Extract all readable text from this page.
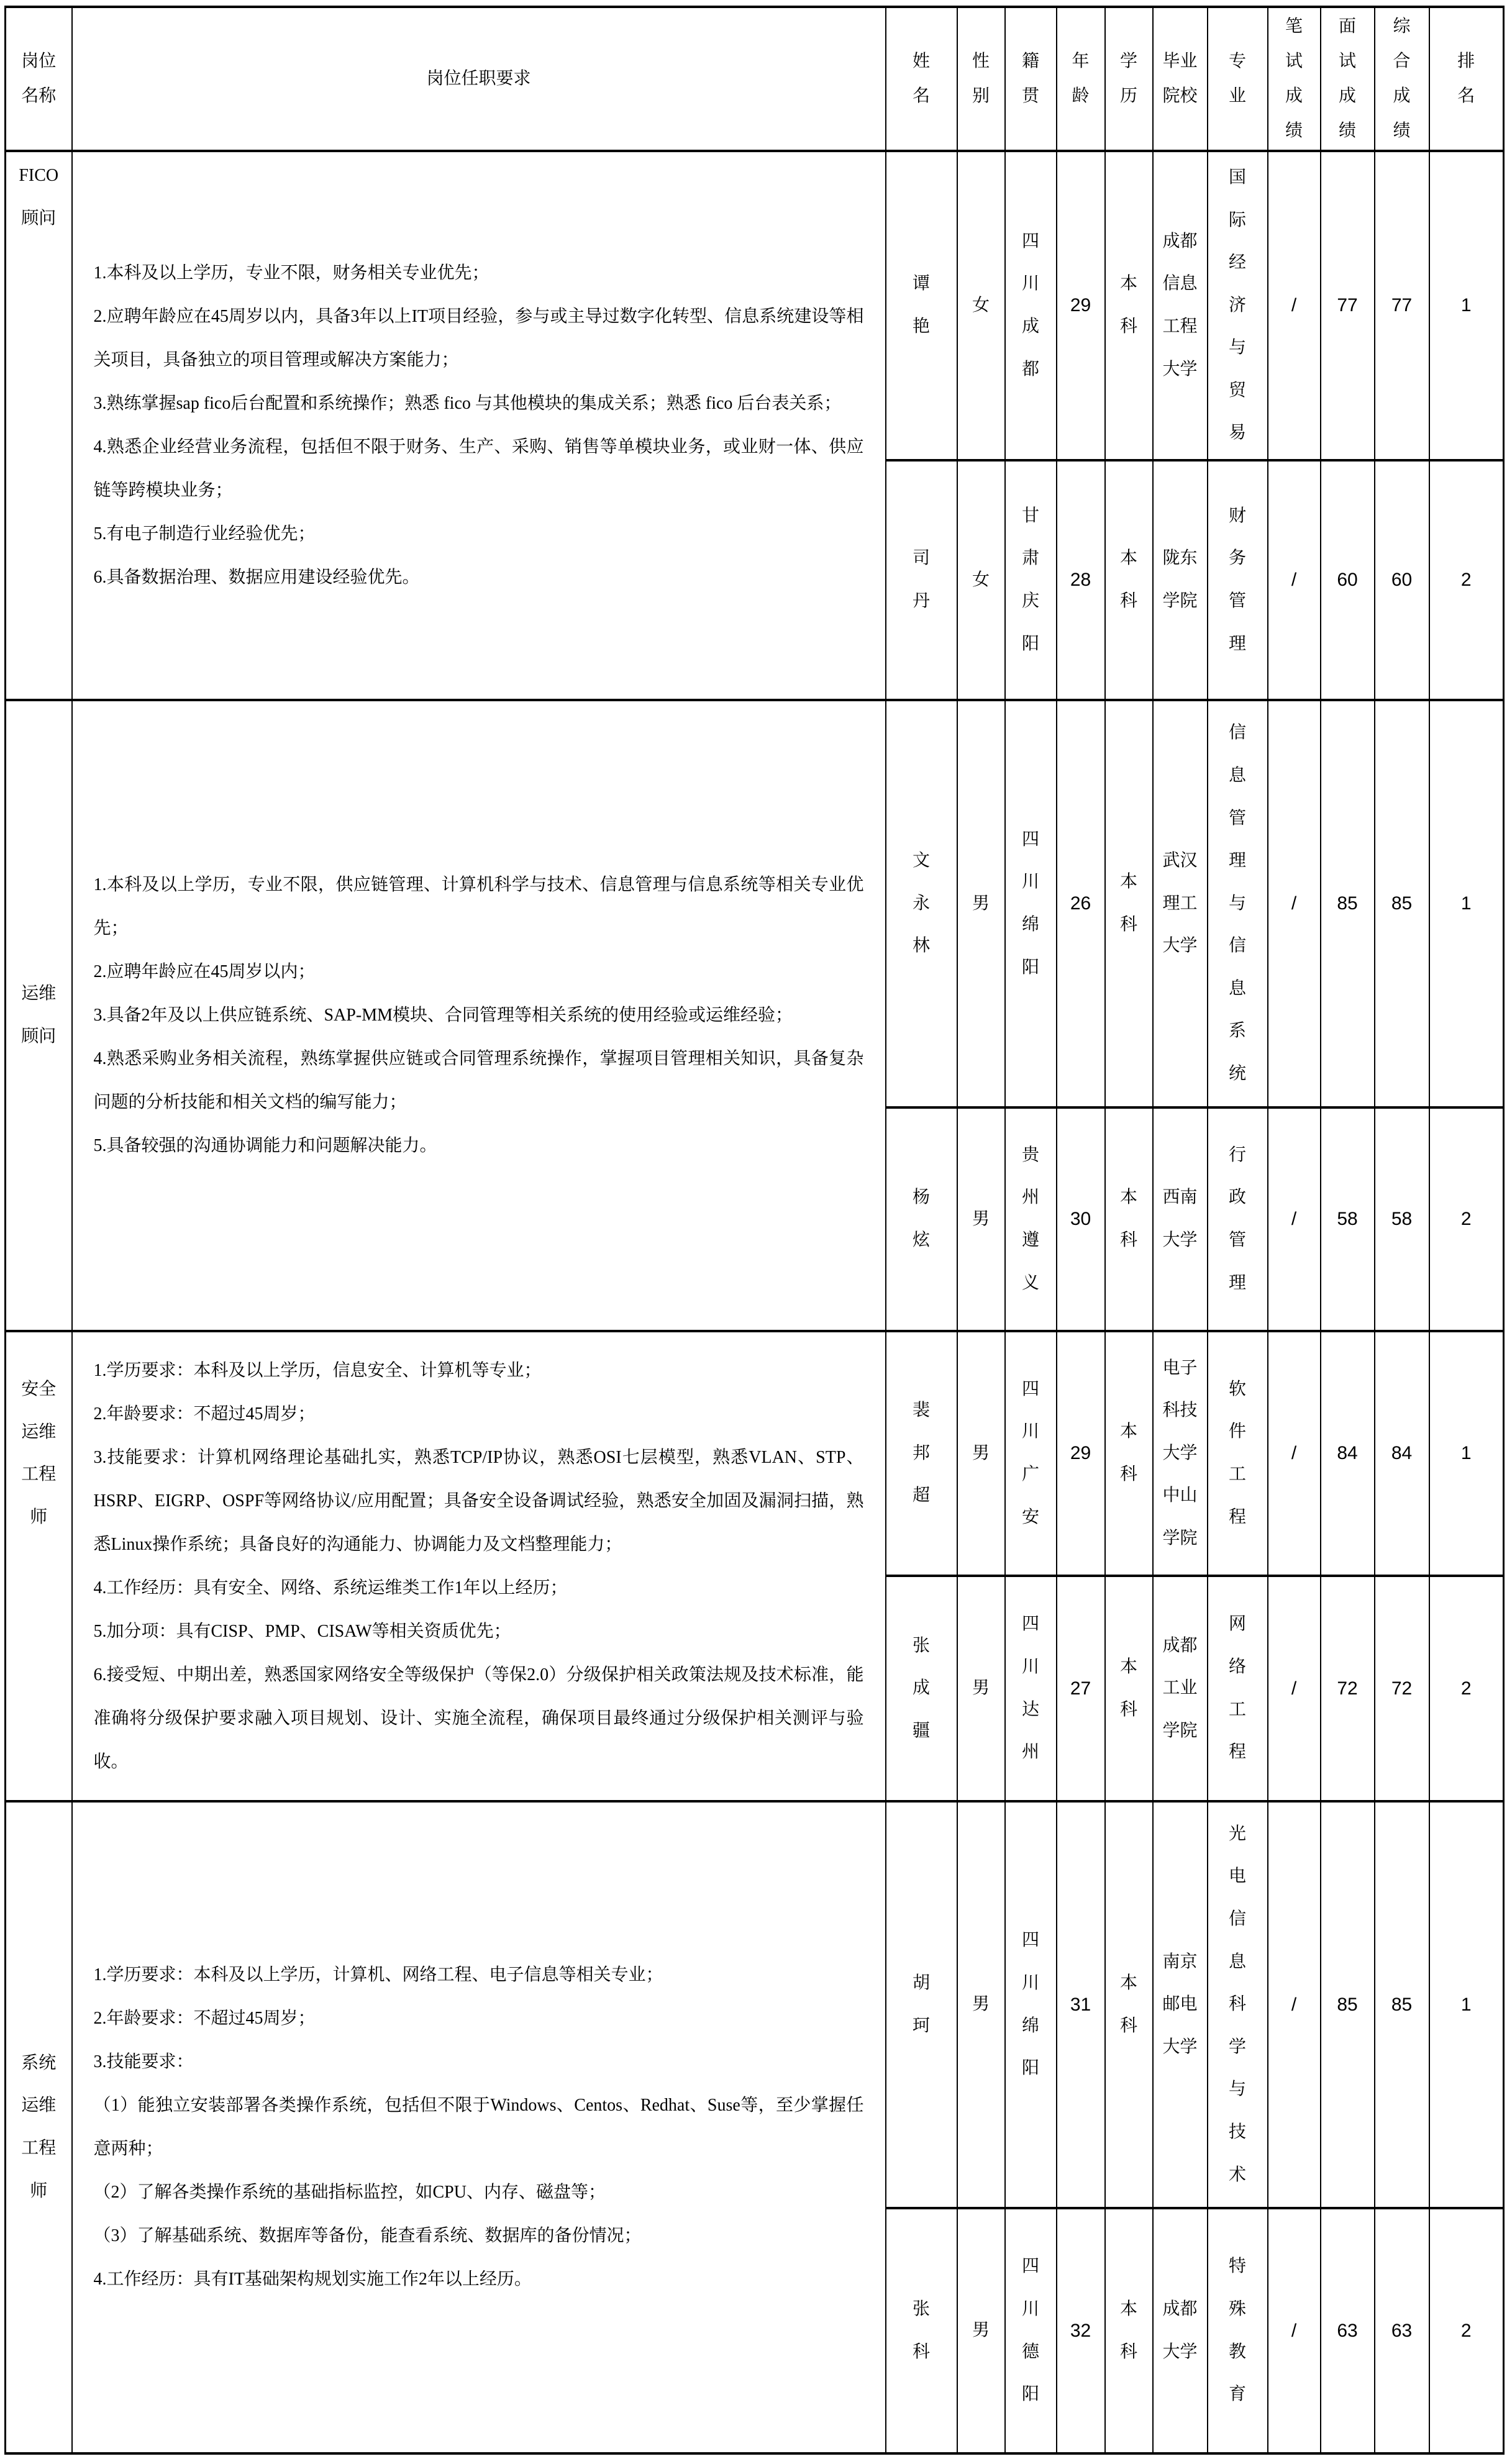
岗位名称	岗位任职要求	姓名	性别	籍贯	年龄	学历	毕业院校	专业	笔试成绩	面试成绩	综合成绩	排名

FICO
顾问

1.本科及以上学历，专业不限，财务相关专业优先；

2.应聘年龄应在45周岁以内，具备3年以上IT项目经验，参与或主导过数字化转型、信息系统建设等相关项目，具备独立的项目管理或解决方案能力；

3.熟练掌握sap fico后台配置和系统操作；熟悉 fico 与其他模块的集成关系；熟悉 fico 后台表关系；

4.熟悉企业经营业务流程，包括但不限于财务、生产、采购、销售等单模块业务，或业财一体、供应链等跨模块业务；

5.有电子制造行业经验优先；

6.具备数据治理、数据应用建设经验优先。

	谭艳	女	四川成都	29	本科	成都信息工程大学	国际经济与贸易	/	77	77	1
		司丹	女	甘肃庆阳	28	本科	陇东学院	财务管理	/	60	60	2

运维
顾问

1.本科及以上学历，专业不限，供应链管理、计算机科学与技术、信息管理与信息系统等相关专业优先；

2.应聘年龄应在45周岁以内；

3.具备2年及以上供应链系统、SAP-MM模块、合同管理等相关系统的使用经验或运维经验；

4.熟悉采购业务相关流程，熟练掌握供应链或合同管理系统操作，掌握项目管理相关知识，具备复杂问题的分析技能和相关文档的编写能力；

5.具备较强的沟通协调能力和问题解决能力。

	文永林	男	四川绵阳	26	本科	武汉理工大学	信息管理与信息系统	/	85	85	1
		杨炫	男	贵州遵义	30	本科	西南大学	行政管理	/	58	58	2

安全
运维
工程
师

1.学历要求：本科及以上学历，信息安全、计算机等专业；

2.年龄要求：不超过45周岁；

3.技能要求：计算机网络理论基础扎实，熟悉TCP/IP协议，熟悉OSI七层模型，熟悉VLAN、STP、HSRP、EIGRP、OSPF等网络协议/应用配置；具备安全设备调试经验，熟悉安全加固及漏洞扫描，熟悉Linux操作系统；具备良好的沟通能力、协调能力及文档整理能力；

4.工作经历：具有安全、网络、系统运维类工作1年以上经历；

5.加分项：具有CISP、PMP、CISAW等相关资质优先；

6.接受短、中期出差，熟悉国家网络安全等级保护（等保2.0）分级保护相关政策法规及技术标准，能准确将分级保护要求融入项目规划、设计、实施全流程，确保项目最终通过分级保护相关测评与验收。

	裴邦超	男	四川广安	29	本科	电子科技大学中山学院	软件工程	/	84	84	1
		张成疆	男	四川达州	27	本科	成都工业学院	网络工程	/	72	72	2

系统
运维
工程
师

1.学历要求：本科及以上学历，计算机、网络工程、电子信息等相关专业；

2.年龄要求：不超过45周岁；

3.技能要求：

（1）能独立安装部署各类操作系统，包括但不限于Windows、Centos、Redhat、Suse等，至少掌握任意两种；

（2）了解各类操作系统的基础指标监控，如CPU、内存、磁盘等；

（3）了解基础系统、数据库等备份，能查看系统、数据库的备份情况；

4.工作经历：具有IT基础架构规划实施工作2年以上经历。

	胡珂	男	四川绵阳	31	本科	南京邮电大学	光电信息科学与技术	/	85	85	1
		张科	男	四川德阳	32	本科	成都大学	特殊教育	/	63	63	2
